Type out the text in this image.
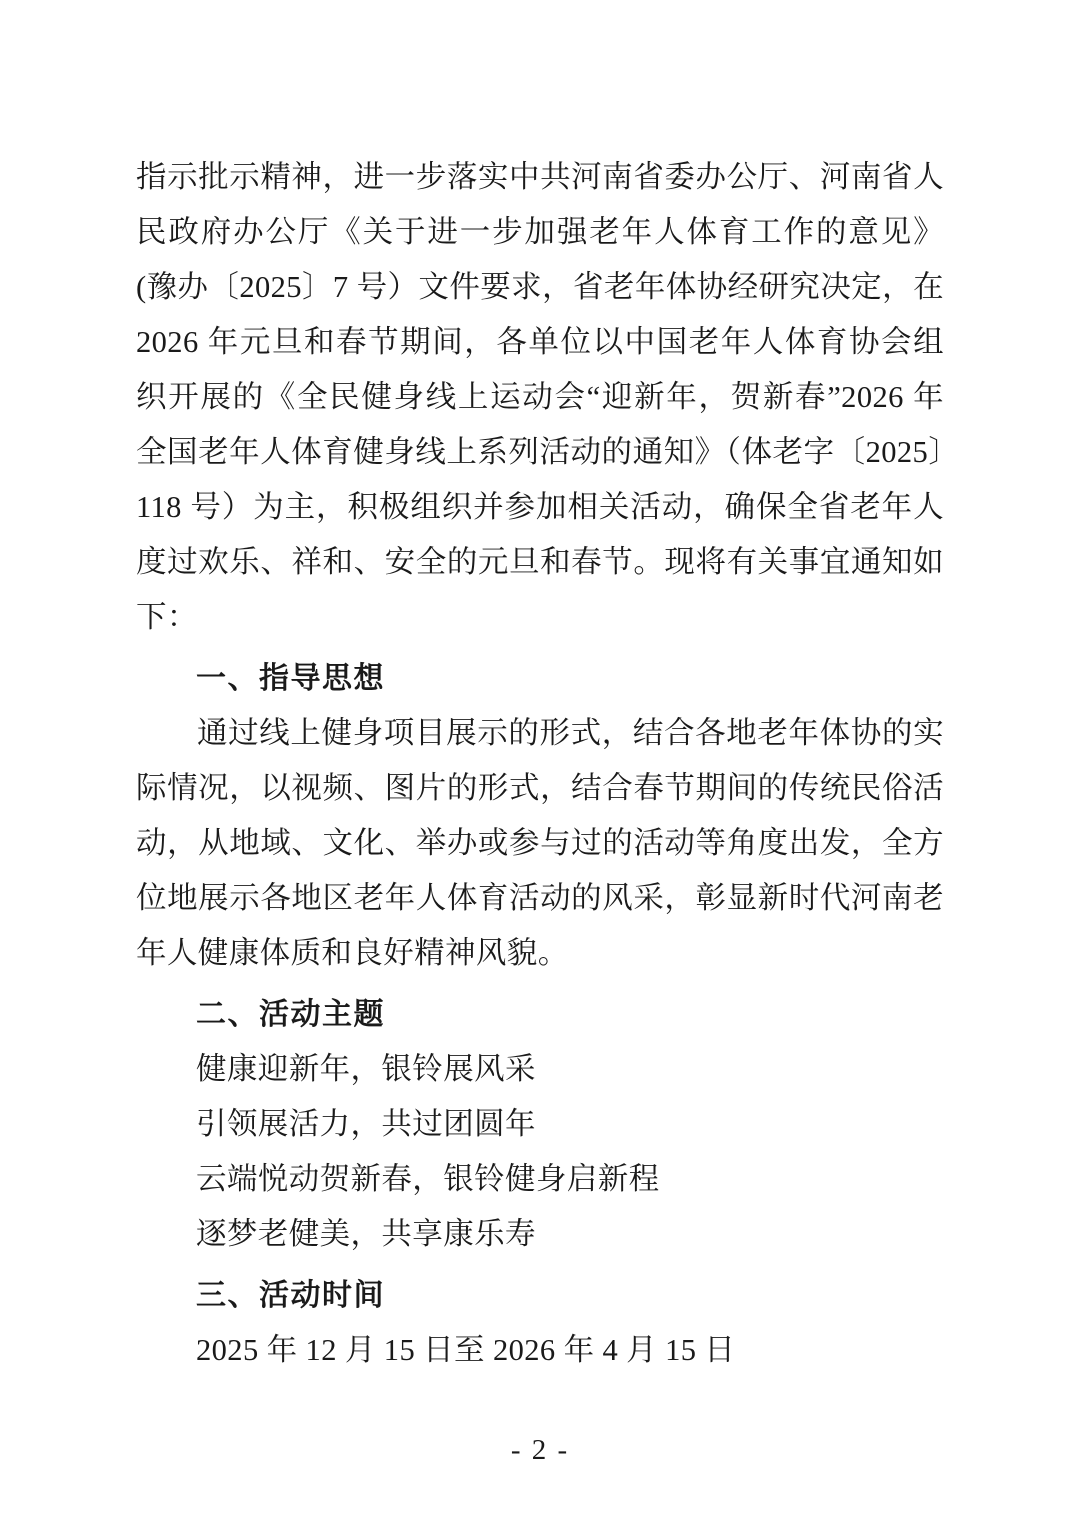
指示批示精神，进一步落实中共河南省委办公厅、河南省人民政府办公厅《关于进一步加强老年人体育工作的意见》(豫办〔2025〕7 号）文件要求，省老年体协经研究决定，在 2026 年元旦和春节期间，各单位以中国老年人体育协会组织开展的《全民健身线上运动会“迎新年，贺新春”2026 年全国老年人体育健身线上系列活动的通知》（体老字〔2025〕118 号）为主，积极组织并参加相关活动，确保全省老年人度过欢乐、祥和、安全的元旦和春节。现将有关事宜通知如下：

一、指导思想

通过线上健身项目展示的形式，结合各地老年体协的实际情况，以视频、图片的形式，结合春节期间的传统民俗活动，从地域、文化、举办或参与过的活动等角度出发，全方位地展示各地区老年人体育活动的风采，彰显新时代河南老年人健康体质和良好精神风貌。

二、活动主题

健康迎新年，银铃展风采

引领展活力，共过团圆年

云端悦动贺新春，银铃健身启新程

逐梦老健美，共享康乐寿

三、活动时间

2025 年 12 月 15 日至 2026 年 4 月 15 日

- 2 -
